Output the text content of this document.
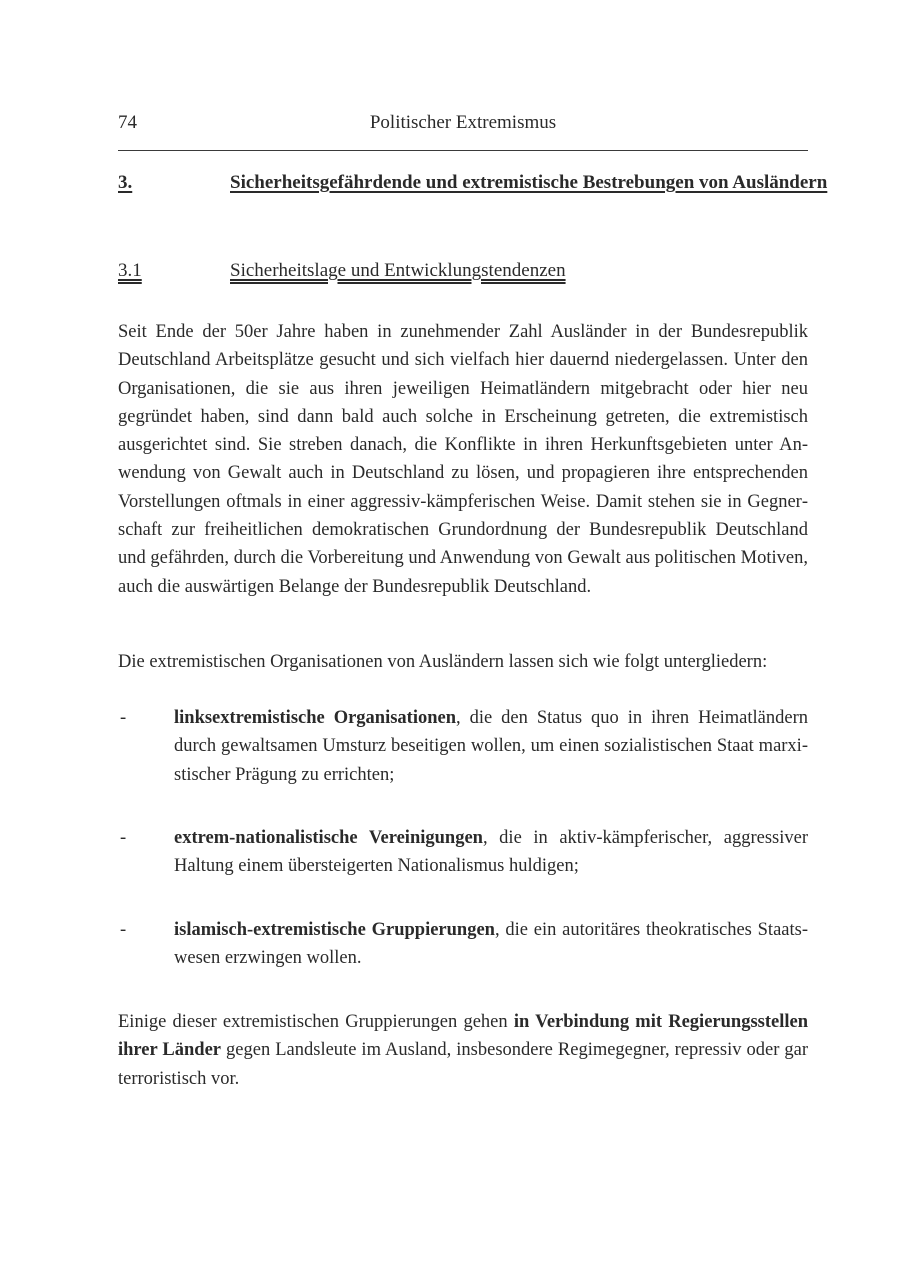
74	Politischer Extremismus
3.	Sicherheitsgefährdende und extremistische Bestrebungen von Ausländern
3.1	Sicherheitslage und Entwicklungstendenzen

Seit Ende der 50er Jahre haben in zunehmender Zahl Ausländer in der Bundesrepublik Deutschland Arbeitsplätze gesucht und sich vielfach hier dauernd niedergelassen. Unter den Organisationen, die sie aus ihren jeweiligen Heimatländern mitgebracht oder hier neu gegründet haben, sind dann bald auch solche in Erscheinung getreten, die extremistisch ausgerichtet sind. Sie streben danach, die Konflikte in ihren Herkunftsgebieten unter Anwendung von Gewalt auch in Deutschland zu lösen, und propagieren ihre entsprechenden Vorstellungen oftmals in einer aggressiv-kämpferischen Weise. Damit stehen sie in Gegnerschaft zur freiheitlichen demokratischen Grundordnung der Bundesrepublik Deutschland und gefährden, durch die Vorbereitung und Anwendung von Gewalt aus politischen Motiven, auch die auswärtigen Belange der Bundesrepublik Deutschland.

Die extremistischen Organisationen von Ausländern lassen sich wie folgt untergliedern:

-	linksextremistische Organisationen, die den Status quo in ihren Heimatländern durch gewaltsamen Umsturz beseitigen wollen, um einen sozialistischen Staat marxistischer Prägung zu errichten;

-	extrem-nationalistische Vereinigungen, die in aktiv-kämpferischer, aggressiver Haltung einem übersteigerten Nationalismus huldigen;

-	islamisch-extremistische Gruppierungen, die ein autoritäres theokratisches Staatswesen erzwingen wollen.

Einige dieser extremistischen Gruppierungen gehen in Verbindung mit Regierungsstellen ihrer Länder gegen Landsleute im Ausland, insbesondere Regimegegner, repressiv oder gar terroristisch vor.
